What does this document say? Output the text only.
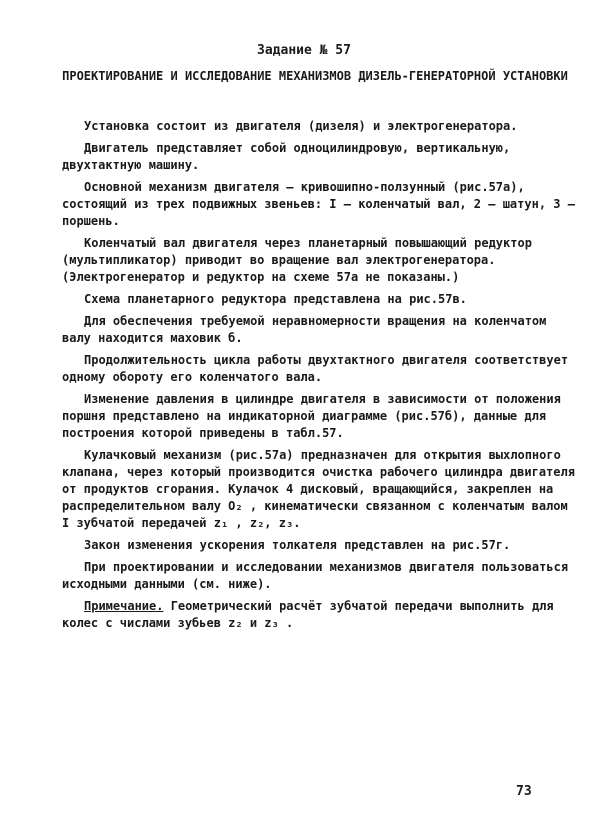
Задание № 57
ПРОЕКТИРОВАНИЕ И ИССЛЕДОВАНИЕ МЕХАНИЗМОВ ДИЗЕЛЬ-ГЕНЕРАТОРНОЙ УСТАНОВКИ

Установка состоит из двигателя (дизеля) и электрогенератора.

Двигатель представляет собой одноцилиндровую, вертикальную, двухтактную машину.

Основной механизм двигателя – кривошипно-ползунный (рис.57а), состоящий из трех подвижных звеньев: I – коленчатый вал, 2 – шатун, 3 – поршень.

Коленчатый вал двигателя через планетарный повышающий редуктор (мультипликатор) приводит во вращение вал электрогенератора. (Электрогенератор и редуктор на схеме 57а не показаны.)

Схема планетарного редуктора представлена на рис.57в.

Для обеспечения требуемой неравномерности вращения на коленчатом валу находится маховик б.

Продолжительность цикла работы двухтактного двигателя соответствует одному обороту его коленчатого вала.

Изменение давления в цилиндре двигателя в зависимости от положения поршня представлено на индикаторной диаграмме (рис.57б), данные для построения которой приведены в табл.57.

Кулачковый механизм (рис.57а) предназначен для открытия выхлопного клапана, через который производится очистка рабочего цилиндра двигателя от продуктов сгорания. Кулачок 4 дисковый, вращающийся, закреплен на распределительном валу O₂ , кинематически связанном с коленчатым валом I зубчатой передачей z₁ , z₂, z₃.

Закон изменения ускорения толкателя представлен на рис.57г.

При проектировании и исследовании механизмов двигателя пользоваться исходными данными (см. ниже).

Примечание. Геометрический расчёт зубчатой передачи выполнить для колес с числами зубьев z₂ и z₃ .

73
